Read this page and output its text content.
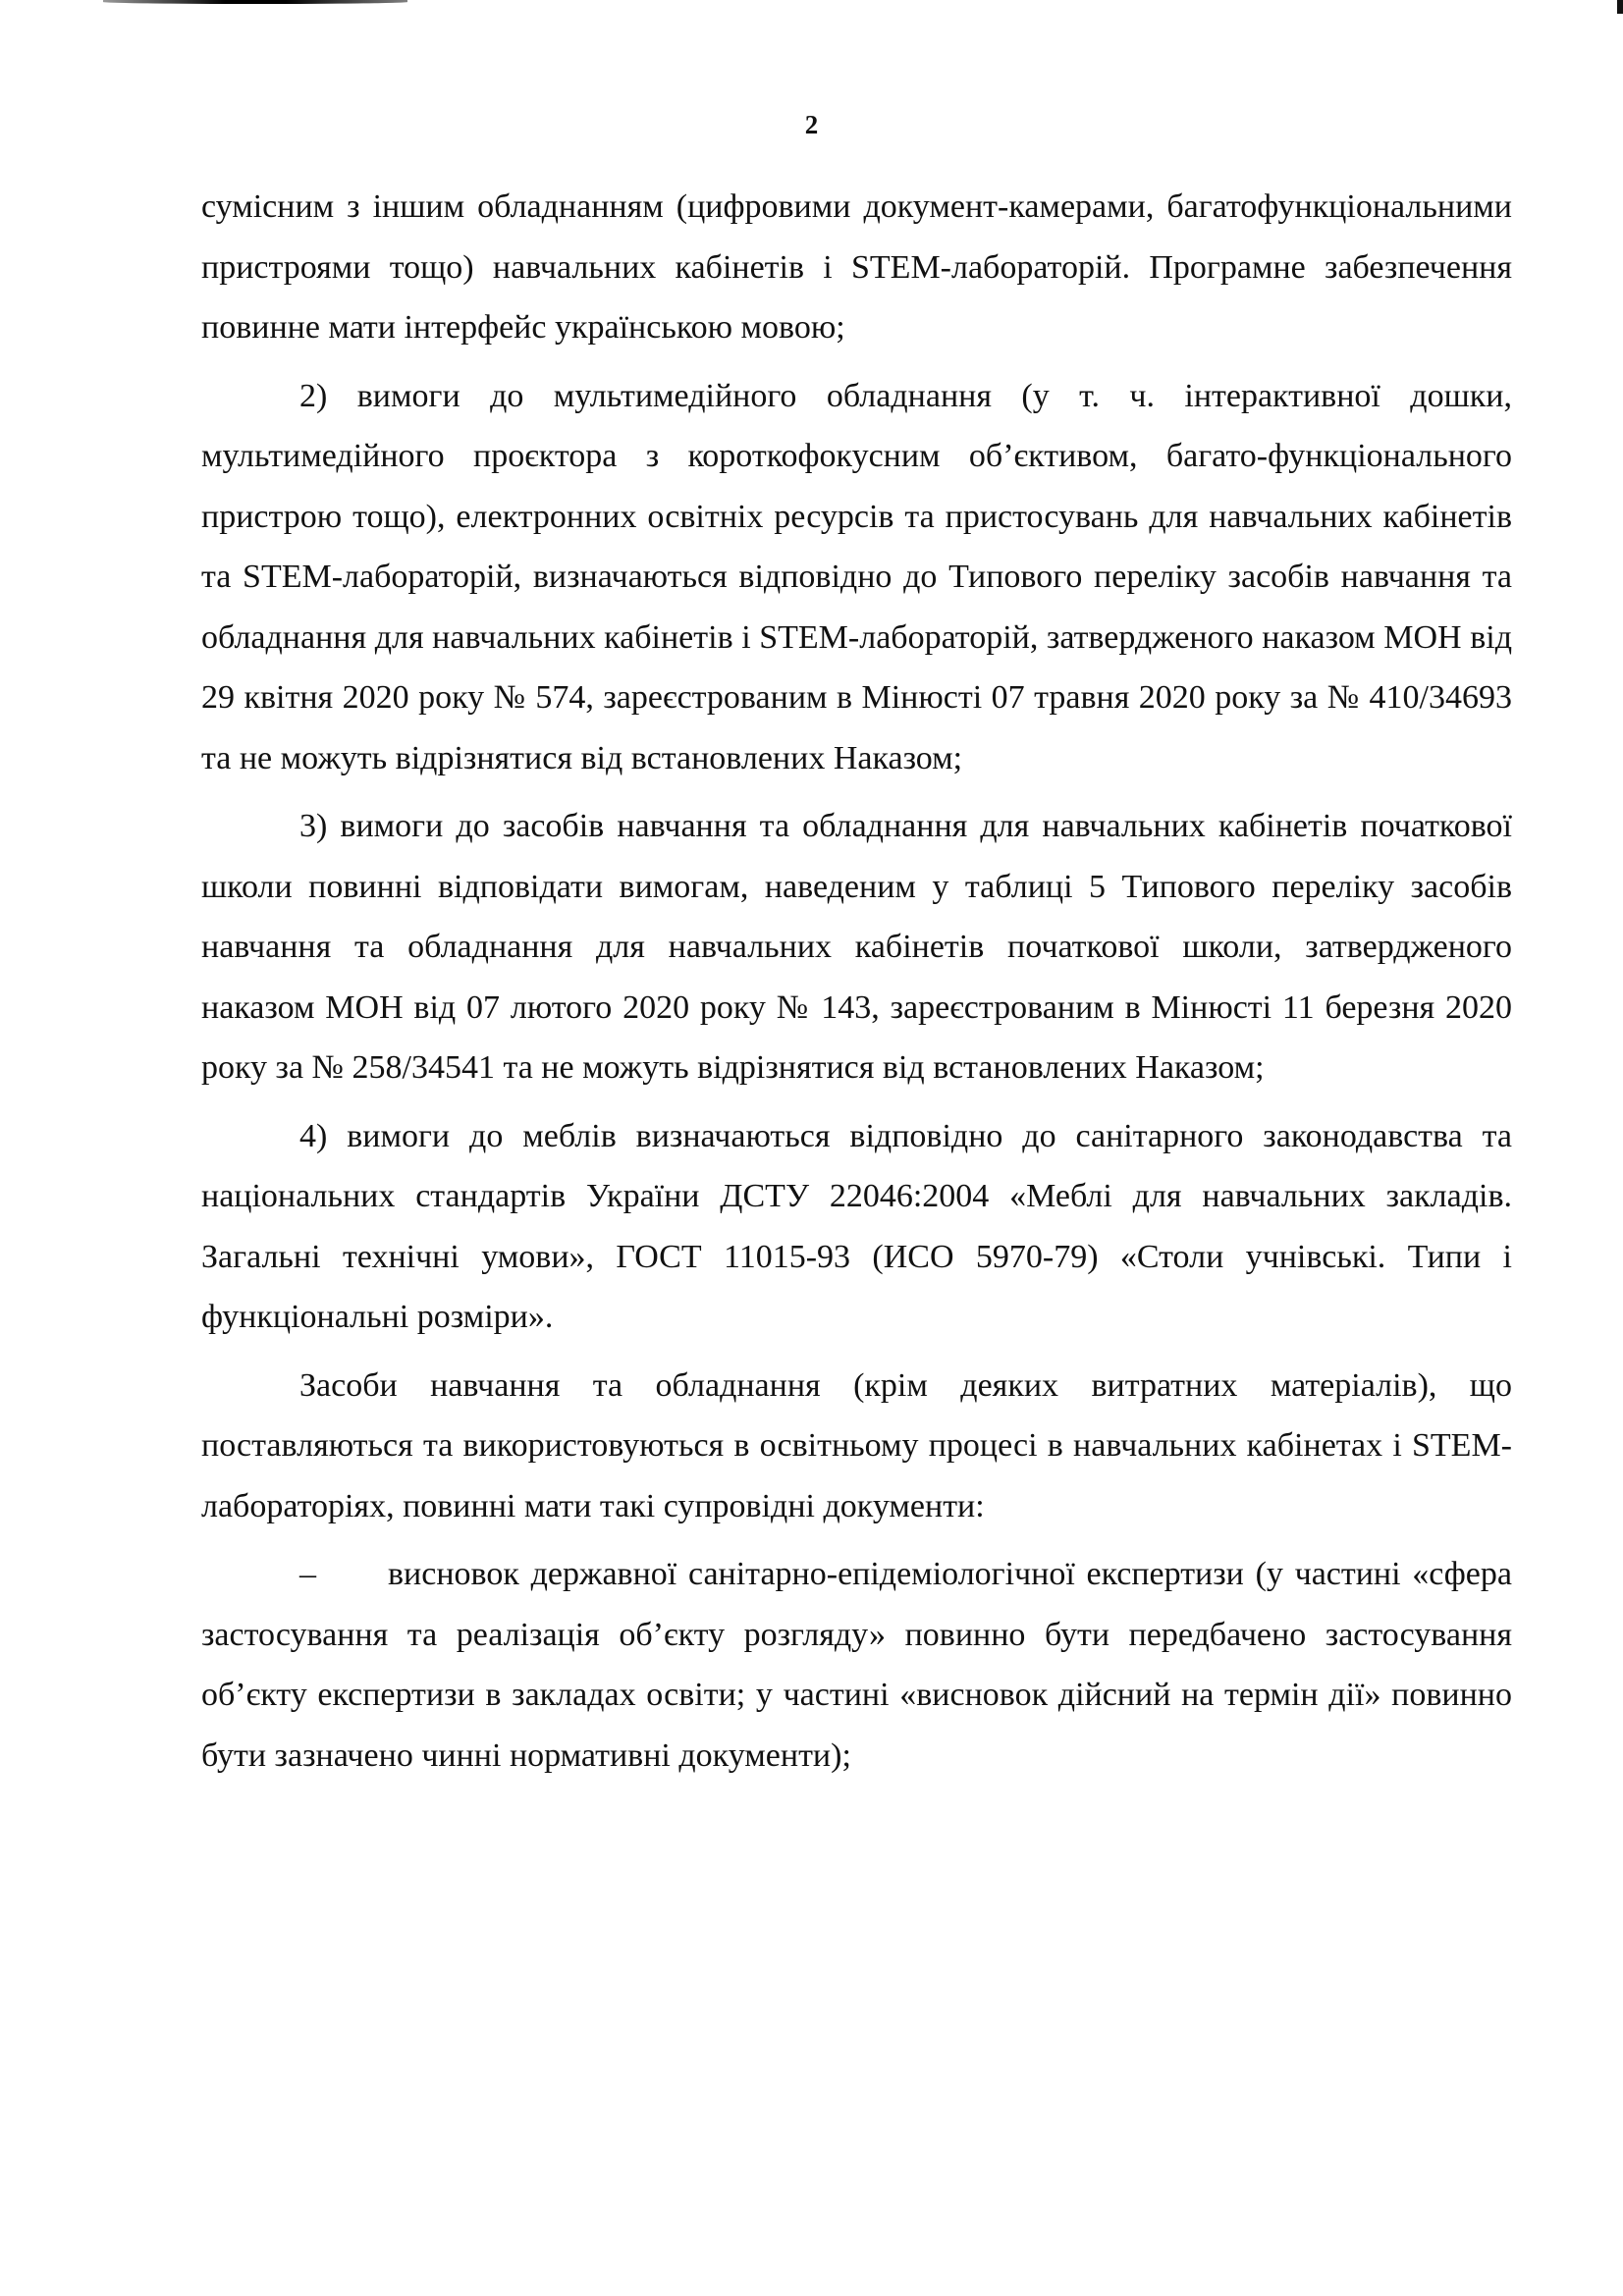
2

сумісним з іншим обладнанням (цифровими документ-камерами, багатофункціональними пристроями тощо) навчальних кабінетів і STEM-лабораторій. Програмне забезпечення повинне мати інтерфейс українською мовою;

2) вимоги до мультимедійного обладнання (у т. ч. інтерактивної дошки, мультимедійного проєктора з короткофокусним об’єктивом, багато-функціонального пристрою тощо), електронних освітніх ресурсів та пристосувань для навчальних кабінетів та STEM-лабораторій, визначаються відповідно до Типового переліку засобів навчання та обладнання для навчальних кабінетів і STEM-лабораторій, затвердженого наказом МОН від 29 квітня 2020 року № 574, зареєстрованим в Мінюсті 07 травня 2020 року за № 410/34693 та не можуть відрізнятися від встановлених Наказом;

3) вимоги до засобів навчання та обладнання для навчальних кабінетів початкової школи повинні відповідати вимогам, наведеним у таблиці 5 Типового переліку засобів навчання та обладнання для навчальних кабінетів початкової школи, затвердженого наказом МОН від 07 лютого 2020 року № 143, зареєстрованим в Мінюсті 11 березня 2020 року за № 258/34541 та не можуть відрізнятися від встановлених Наказом;

4) вимоги до меблів визначаються відповідно до санітарного законодавства та національних стандартів України ДСТУ 22046:2004 «Меблі для навчальних закладів. Загальні технічні умови», ГОСТ 11015-93 (ИСО 5970-79) «Столи учнівські. Типи і функціональні розміри».

Засоби навчання та обладнання (крім деяких витратних матеріалів), що поставляються та використовуються в освітньому процесі в навчальних кабінетах і STEM-лабораторіях, повинні мати такі супровідні документи:

– висновок державної санітарно-епідеміологічної експертизи (у частині «сфера застосування та реалізація об’єкту розгляду» повинно бути передбачено застосування об’єкту експертизи в закладах освіти; у частині «висновок дійсний на термін дії» повинно бути зазначено чинні нормативні документи);
